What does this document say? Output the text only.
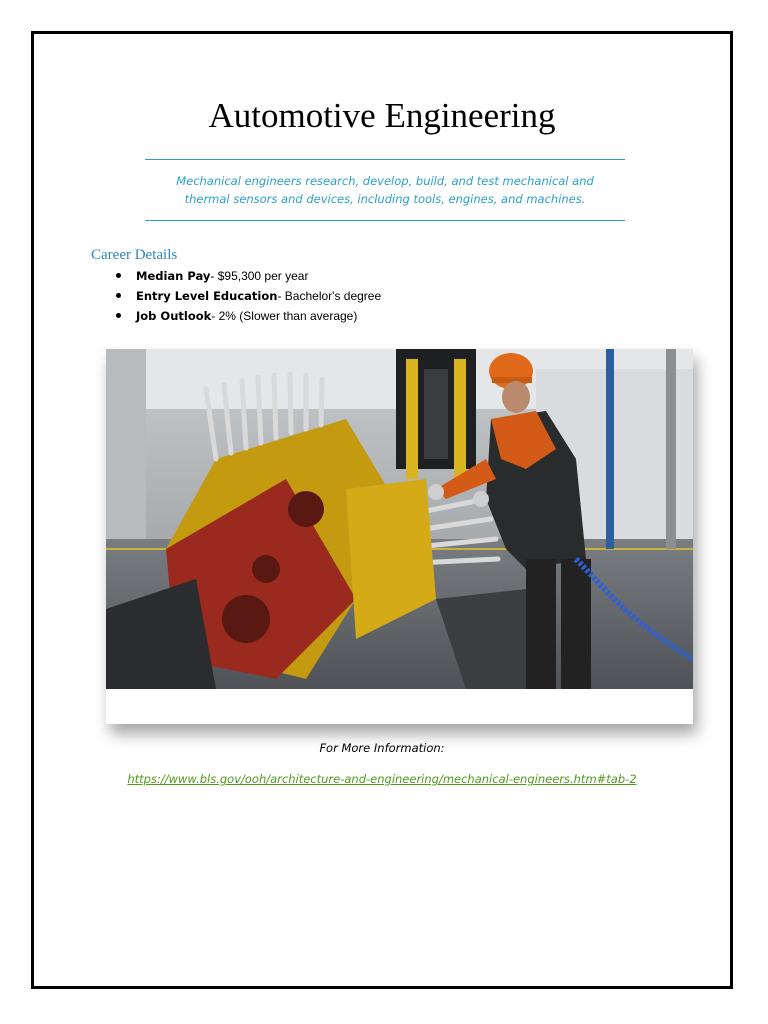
Automotive Engineering
Mechanical engineers research, develop, build, and test mechanical and thermal sensors and devices, including tools, engines, and machines.
Career Details
Median Pay- $95,300 per year
Entry Level Education- Bachelor's degree
Job Outlook- 2% (Slower than average)
For More Information:
https://www.bls.gov/ooh/architecture-and-engineering/mechanical-engineers.htm#tab-2
